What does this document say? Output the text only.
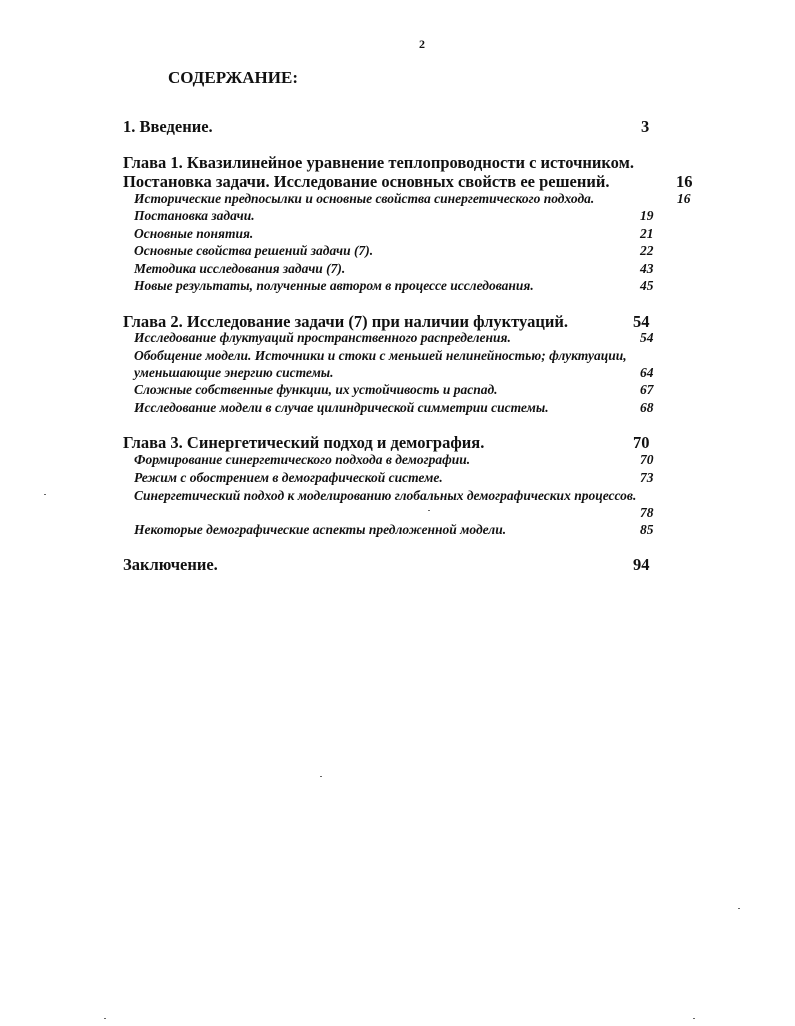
2
СОДЕРЖАНИЕ:
1. Введение.	3
Глава 1. Квазилинейное уравнение теплопроводности с источником.
Постановка задачи. Исследование основных свойств ее решений.	16
Исторические предпосылки и основные свойства синергетического подхода.	16
Постановка задачи.	19
Основные понятия.	21
Основные свойства решений задачи (7).	22
Методика исследования задачи (7).	43
Новые результаты, полученные автором в процессе исследования.	45
Глава 2. Исследование задачи (7) при наличии флуктуаций.	54
Исследование флуктуаций пространственного распределения.	54
Обобщение модели. Источники и стоки с меньшей нелинейностью; флуктуации,
уменьшающие энергию системы.	64
Сложные собственные функции, их устойчивость и распад.	67
Исследование модели в случае цилиндрической симметрии системы.	68
Глава 3. Синергетический подход и демография.	70
Формирование синергетического подхода в демографии.	70
Режим с обострением в демографической системе.	73
Синергетический подход к моделированию глобальных демографических процессов.
78
Некоторые демографические аспекты предложенной модели.	85
Заключение.	94
